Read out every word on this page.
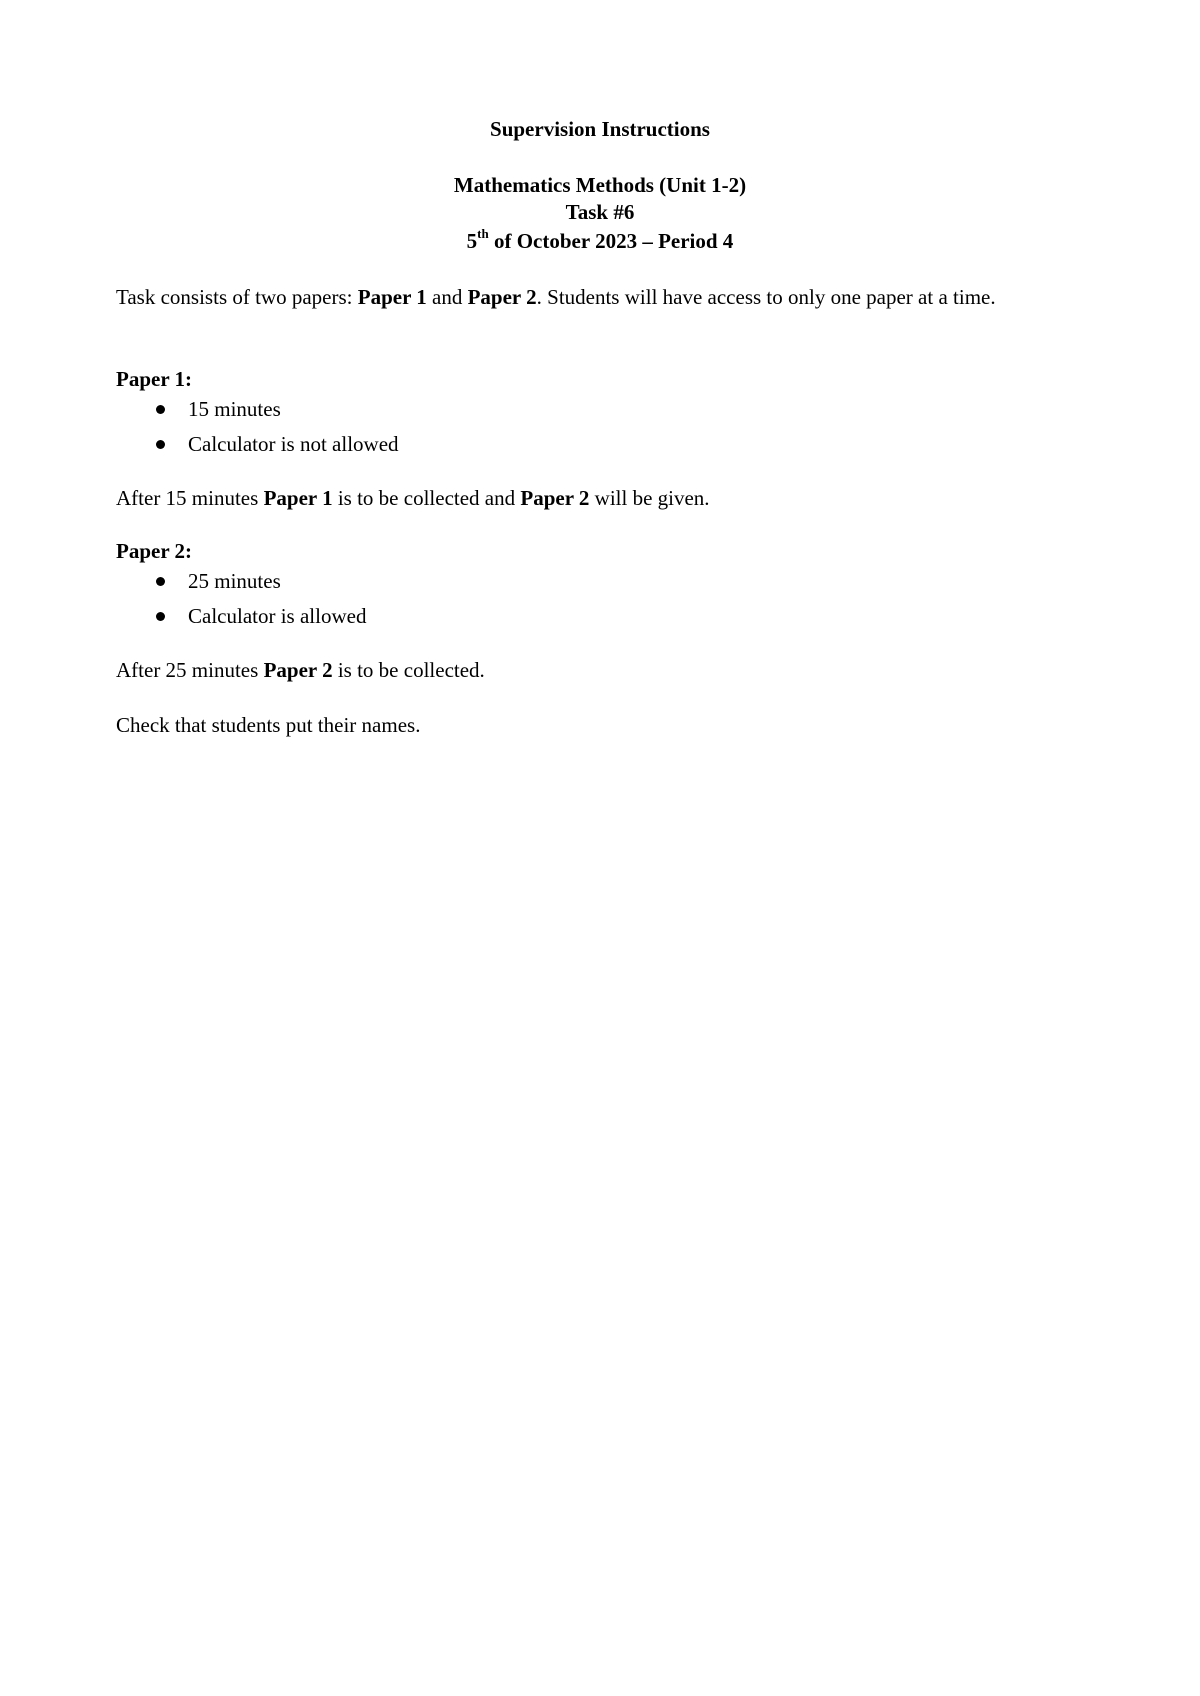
Supervision Instructions
Mathematics Methods (Unit 1-2)
Task #6
5th of October 2023 – Period 4
Task consists of two papers: Paper 1 and Paper 2. Students will have access to only one paper at a time.
Paper 1:
15 minutes
Calculator is not allowed
After 15 minutes Paper 1 is to be collected and Paper 2 will be given.
Paper 2:
25 minutes
Calculator is allowed
After 25 minutes Paper 2 is to be collected.
Check that students put their names.
